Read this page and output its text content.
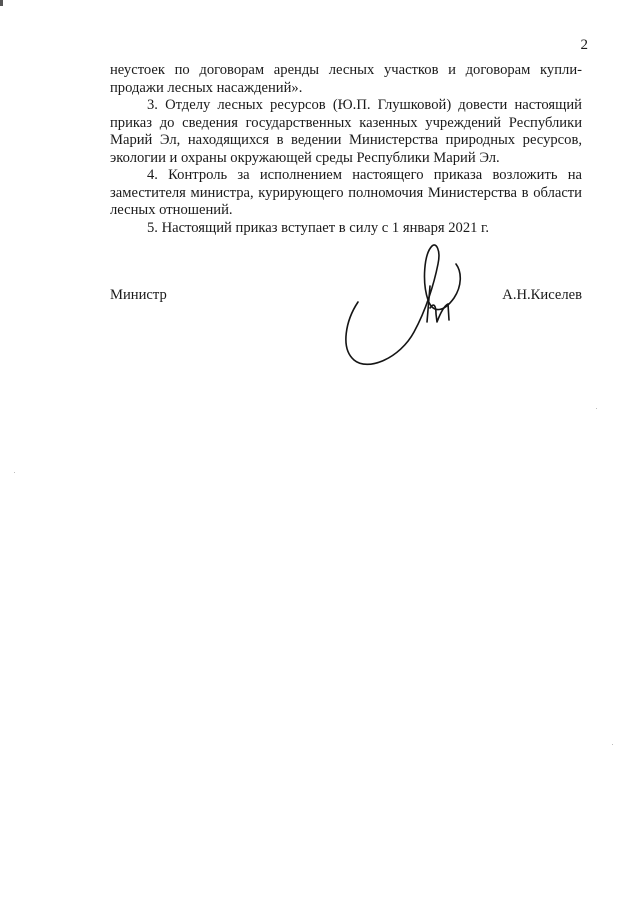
2

неустоек по договорам аренды лесных участков и договорам купли-продажи лесных насаждений».

3. Отделу лесных ресурсов (Ю.П. Глушковой) довести настоящий приказ до сведения государственных казенных учреждений Республики Марий Эл, находящихся в ведении Министерства природных ресурсов, экологии и охраны окружающей среды Республики Марий Эл.

4. Контроль за исполнением настоящего приказа возложить на заместителя министра, курирующего полномочия Министерства в области лесных отношений.

5. Настоящий приказ вступает в силу с 1 января 2021 г.

Министр	А.Н.Киселев
